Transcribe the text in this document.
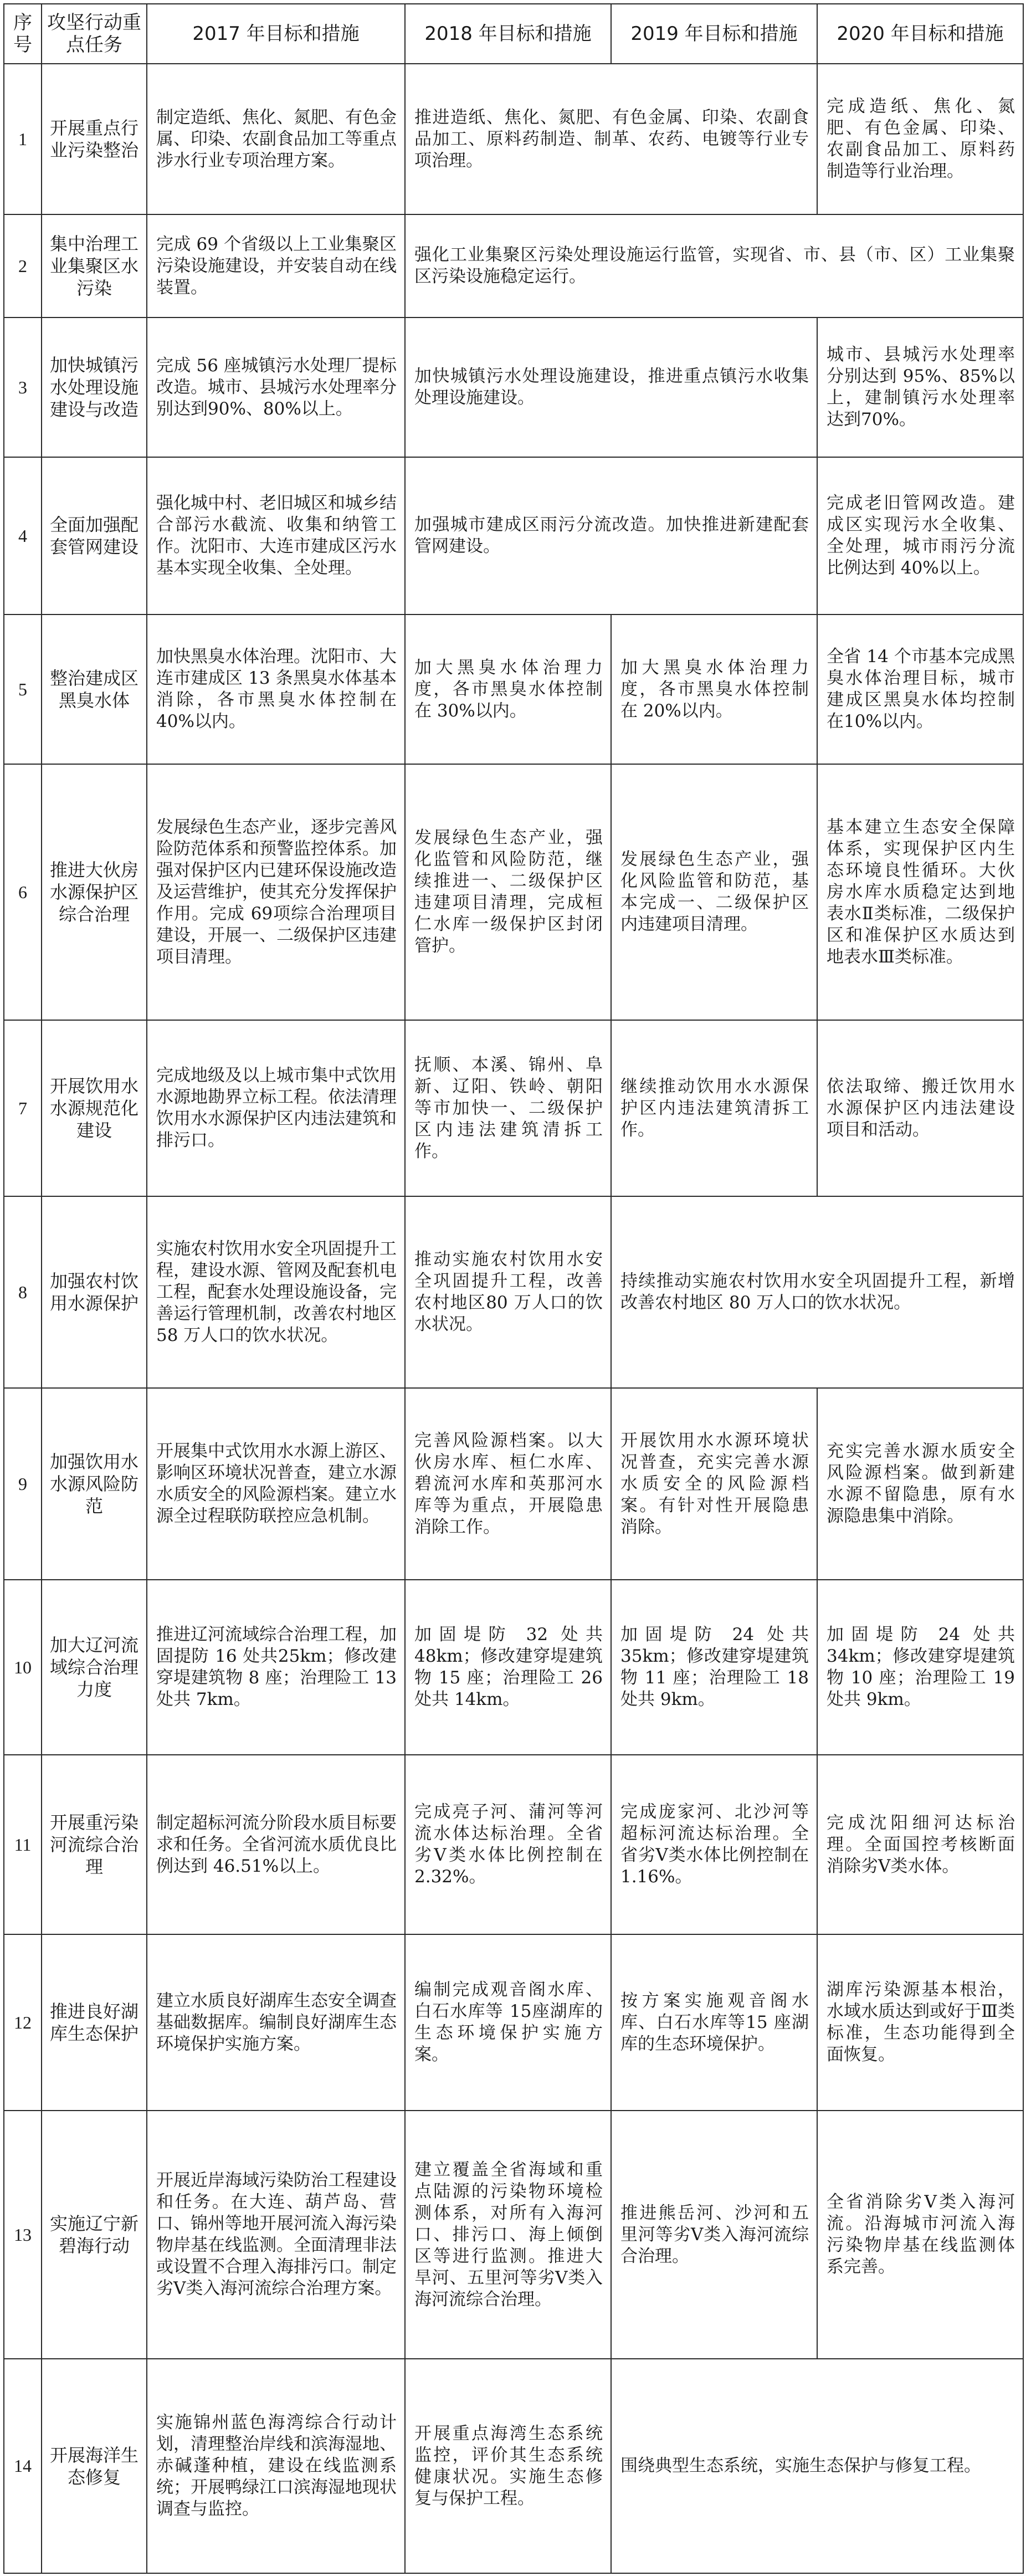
序号	攻坚行动重点任务	2017 年目标和措施	2018 年目标和措施	2019 年目标和措施	2020 年目标和措施
1	开展重点行业污染整治	制定造纸、焦化、氮肥、有色金属、印染、农副食品加工等重点涉水行业专项治理方案。	推进造纸、焦化、氮肥、有色金属、印染、农副食品加工、原料药制造、制革、农药、电镀等行业专项治理。		完成造纸、焦化、氮肥、有色金属、印染、农副食品加工、原料药制造等行业治理。
2	集中治理工业集聚区水污染	完成 69 个省级以上工业集聚区污染设施建设，并安装自动在线装置。	强化工业集聚区污染处理设施运行监管，实现省、市、县（市、区）工业集聚区污染设施稳定运行。		
3	加快城镇污水处理设施建设与改造	完成 56 座城镇污水处理厂提标改造。城市、县城污水处理率分别达到90%、80%以上。	加快城镇污水处理设施建设，推进重点镇污水收集处理设施建设。		城市、县城污水处理率分别达到 95%、85%以上，建制镇污水处理率达到70%。
4	全面加强配套管网建设	强化城中村、老旧城区和城乡结合部污水截流、收集和纳管工作。沈阳市、大连市建成区污水基本实现全收集、全处理。	加强城市建成区雨污分流改造。加快推进新建配套管网建设。		完成老旧管网改造。建成区实现污水全收集、全处理，城市雨污分流比例达到 40%以上。
5	整治建成区黑臭水体	加快黑臭水体治理。沈阳市、大连市建成区 13 条黑臭水体基本消除，各市黑臭水体控制在40%以内。	加大黑臭水体治理力度，各市黑臭水体控制在 30%以内。	加大黑臭水体治理力度，各市黑臭水体控制在 20%以内。	全省 14 个市基本完成黑臭水体治理目标，城市建成区黑臭水体均控制在10%以内。
6	推进大伙房水源保护区综合治理	发展绿色生态产业，逐步完善风险防范体系和预警监控体系。加强对保护区内已建环保设施改造及运营维护，使其充分发挥保护作用。完成 69项综合治理项目建设，开展一、二级保护区违建项目清理。	发展绿色生态产业，强化监管和风险防范，继续推进一、二级保护区违建项目清理，完成桓仁水库一级保护区封闭管护。	发展绿色生态产业，强化风险监管和防范，基本完成一、二级保护区内违建项目清理。	基本建立生态安全保障体系，实现保护区内生态环境良性循环。大伙房水库水质稳定达到地表水Ⅱ类标准，二级保护区和准保护区水质达到地表水Ⅲ类标准。
7	开展饮用水水源规范化建设	完成地级及以上城市集中式饮用水源地勘界立标工程。依法清理饮用水水源保护区内违法建筑和排污口。	抚顺、本溪、锦州、阜新、辽阳、铁岭、朝阳等市加快一、二级保护区内违法建筑清拆工作。	继续推动饮用水水源保护区内违法建筑清拆工作。	依法取缔、搬迁饮用水水源保护区内违法建设项目和活动。
8	加强农村饮用水源保护	实施农村饮用水安全巩固提升工程，建设水源、管网及配套机电工程，配套水处理设施设备，完善运行管理机制，改善农村地区 58 万人口的饮水状况。	推动实施农村饮用水安全巩固提升工程，改善农村地区80 万人口的饮水状况。	持续推动实施农村饮用水安全巩固提升工程，新增改善农村地区 80 万人口的饮水状况。	
9	加强饮用水水源风险防范	开展集中式饮用水水源上游区、影响区环境状况普查，建立水源水质安全的风险源档案。建立水源全过程联防联控应急机制。	完善风险源档案。以大伙房水库、桓仁水库、碧流河水库和英那河水库等为重点，开展隐患消除工作。	开展饮用水水源环境状况普查，充实完善水源水质安全的风险源档案。有针对性开展隐患消除。	充实完善水源水质安全风险源档案。做到新建水源不留隐患，原有水源隐患集中消除。
10	加大辽河流域综合治理力度	推进辽河流域综合治理工程，加固提防 16 处共25km；修改建穿堤建筑物 8 座；治理险工 13 处共 7km。	加固堤防 32 处共48km；修改建穿堤建筑物 15 座；治理险工 26 处共 14km。	加固堤防 24 处共35km；修改建穿堤建筑物 11 座；治理险工 18 处共 9km。	加固堤防 24 处共34km；修改建穿堤建筑物 10 座；治理险工 19 处共 9km。
11	开展重污染河流综合治理	制定超标河流分阶段水质目标要求和任务。全省河流水质优良比例达到 46.51%以上。	完成亮子河、蒲河等河流水体达标治理。全省劣Ⅴ类水体比例控制在2.32%。	完成庞家河、北沙河等超标河流达标治理。全省劣Ⅴ类水体比例控制在1.16%。	完成沈阳细河达标治理。全面国控考核断面消除劣Ⅴ类水体。
12	推进良好湖库生态保护	建立水质良好湖库生态安全调查基础数据库。编制良好湖库生态环境保护实施方案。	编制完成观音阁水库、白石水库等 15座湖库的生态环境保护实施方案。	按方案实施观音阁水库、白石水库等15 座湖库的生态环境保护。	湖库污染源基本根治，水域水质达到或好于Ⅲ类标准，生态功能得到全面恢复。
13	实施辽宁新碧海行动	开展近岸海域污染防治工程建设和任务。在大连、葫芦岛、营口、锦州等地开展河流入海污染物岸基在线监测。全面清理非法或设置不合理入海排污口。制定劣Ⅴ类入海河流综合治理方案。	建立覆盖全省海域和重点陆源的污染物环境检测体系，对所有入海河口、排污口、海上倾倒区等进行监测。推进大旱河、五里河等劣Ⅴ类入海河流综合治理。	推进熊岳河、沙河和五里河等劣Ⅴ类入海河流综合治理。	全省消除劣Ⅴ类入海河流。沿海城市河流入海污染物岸基在线监测体系完善。
14	开展海洋生态修复	实施锦州蓝色海湾综合行动计划，清理整治岸线和滨海湿地、赤碱蓬种植，建设在线监测系统；开展鸭绿江口滨海湿地现状调查与监控。	开展重点海湾生态系统监控，评价其生态系统健康状况。实施生态修复与保护工程。	围绕典型生态系统，实施生态保护与修复工程。	
